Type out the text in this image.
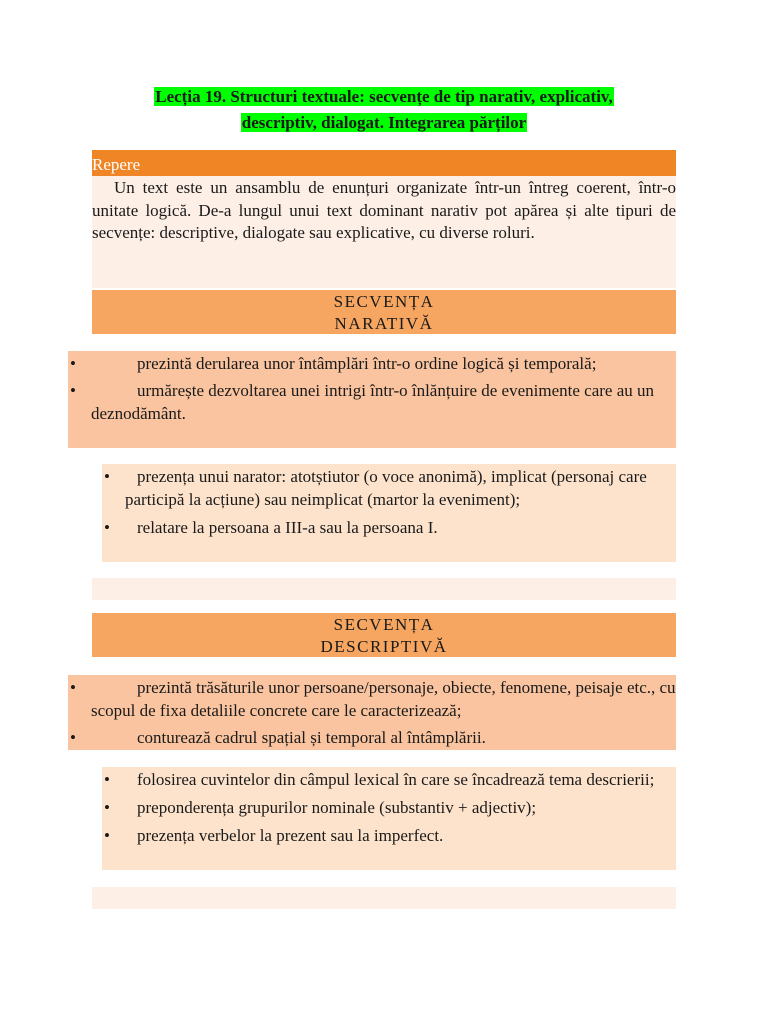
Lecția 19. Structuri textuale: secvențe de tip narativ, explicativ,
descriptiv, dialogat. Integrarea părților
Repere
Un text este un ansamblu de enunțuri organizate într-un întreg coerent, într-o unitate logică. De-a lungul unui text dominant narativ pot apărea și alte tipuri de secvențe: descriptive, dialogate sau explicative, cu diverse roluri.
SECVENȚA
NARATIVĂ
•	prezintă derularea unor întâmplări într-o ordine logică și temporală;
•	urmărește dezvoltarea unei intrigi într-o înlănțuire de evenimente care au un deznodământ.
•	prezența unui narator: atotștiutor (o voce anonimă), implicat (personaj care participă la acțiune) sau neimplicat (martor la eveniment);
•	relatare la persoana a III-a sau la persoana I.
SECVENȚA
DESCRIPTIVĂ
•	prezintă trăsăturile unor persoane/personaje, obiecte, fenomene, peisaje etc., cu scopul de fixa detaliile concrete care le caracterizează;
•	conturează cadrul spațial și temporal al întâmplării.
•	folosirea cuvintelor din câmpul lexical în care se încadrează tema descrierii;
•	preponderența grupurilor nominale (substantiv + adjectiv);
•	prezența verbelor la prezent sau la imperfect.
